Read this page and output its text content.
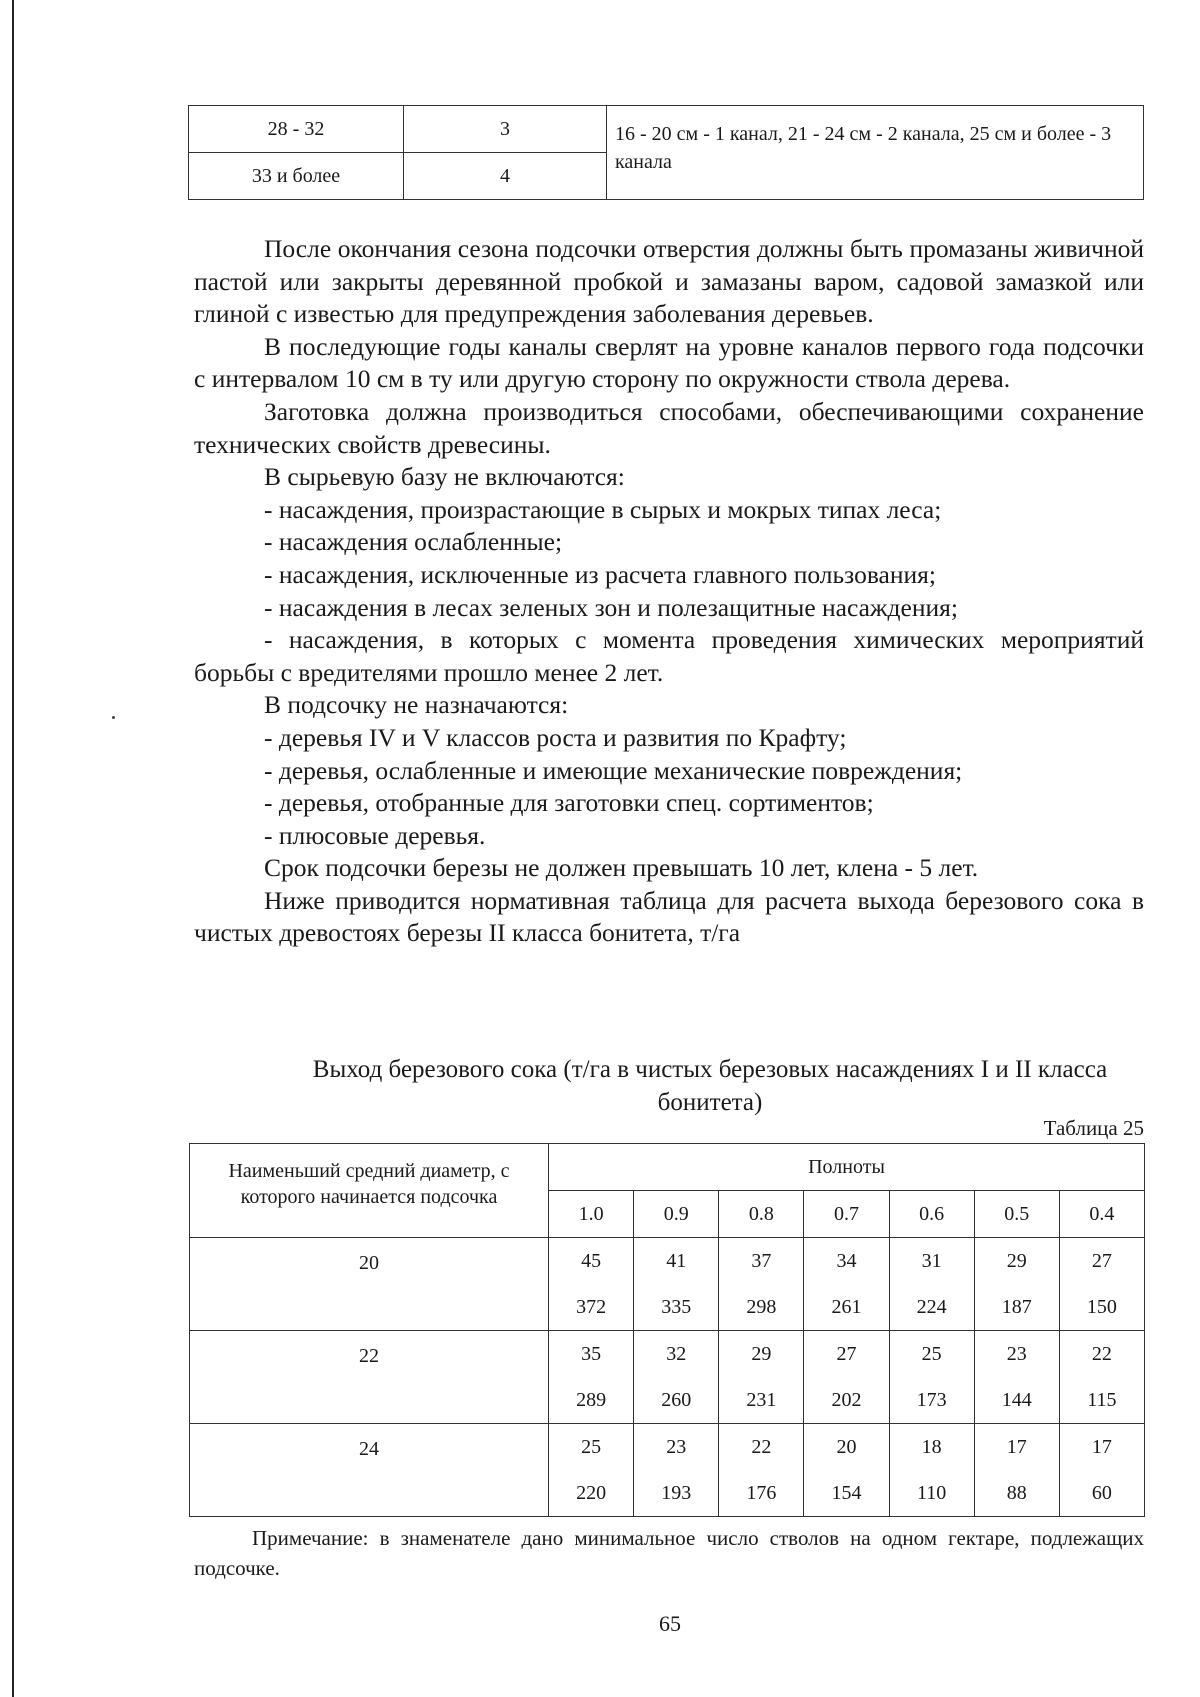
28 - 32	3	16 - 20 см - 1 канал, 21 - 24 см - 2 канала, 25 см и более - 3 канала
33 и более	4	

После окончания сезона подсочки отверстия должны быть промазаны живичной пастой или закрыты деревянной пробкой и замазаны варом, садовой замазкой или глиной с известью для предупреждения заболевания деревьев.

В последующие годы каналы сверлят на уровне каналов первого года подсочки с интервалом 10 см в ту или другую сторону по окружности ствола дерева.

Заготовка должна производиться способами, обеспечивающими сохранение технических свойств древесины.

В сырьевую базу не включаются:

- насаждения, произрастающие в сырых и мокрых типах леса;

- насаждения ослабленные;

- насаждения, исключенные из расчета главного пользования;

- насаждения в лесах зеленых зон и полезащитные насаждения;

- насаждения, в которых с момента проведения химических мероприятий борьбы с вредителями прошло менее 2 лет.

В подсочку не назначаются:

- деревья IV и V классов роста и развития по Крафту;

- деревья, ослабленные и имеющие механические повреждения;

- деревья, отобранные для заготовки спец. сортиментов;

- плюсовые деревья.

Срок подсочки березы не должен превышать 10 лет, клена - 5 лет.

Ниже приводится нормативная таблица для расчета выхода березового сока в чистых древостоях березы II класса бонитета, т/га

Выход березового сока (т/га в чистых березовых насаждениях I и II класса бонитета)
Таблица 25
Наименьший средний диаметр, с которого начинается подсочка	Полноты						
	1.0	0.9	0.8	0.7	0.6	0.5	0.4
20	45	41	37	34	31	29	27
	372	335	298	261	224	187	150
22	35	32	29	27	25	23	22
	289	260	231	202	173	144	115
24	25	23	22	20	18	17	17
	220	193	176	154	110	88	60
Примечание: в знаменателе дано минимальное число стволов на одном гектаре, подлежащих подсочке.
65
